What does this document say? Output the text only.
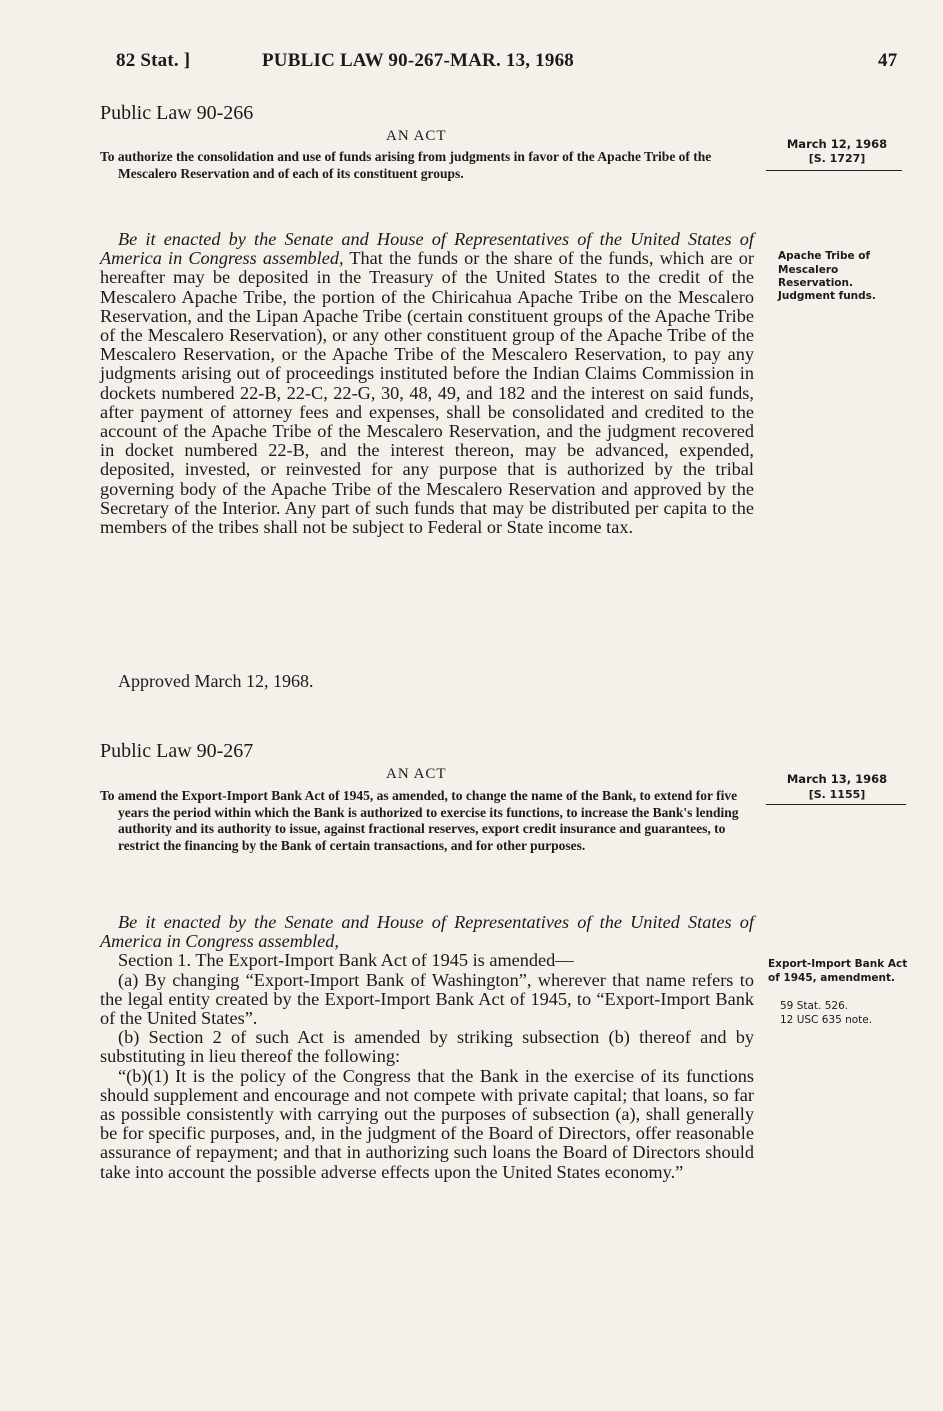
82 Stat. ]	PUBLIC LAW 90-267-MAR. 13, 1968	47
Public Law 90-266
AN ACT
To authorize the consolidation and use of funds arising from judgments in favor of the Apache Tribe of the Mescalero Reservation and of each of its constituent groups.

Be it enacted by the Senate and House of Representatives of the United States of America in Congress assembled, That the funds or the share of the funds, which are or hereafter may be deposited in the Treasury of the United States to the credit of the Mescalero Apache Tribe, the portion of the Chiricahua Apache Tribe on the Mescalero Reservation, and the Lipan Apache Tribe (certain constituent groups of the Apache Tribe of the Mescalero Reservation), or any other constituent group of the Apache Tribe of the Mescalero Reservation, or the Apache Tribe of the Mescalero Reservation, to pay any judgments arising out of proceedings instituted before the Indian Claims Commission in dockets numbered 22-B, 22-C, 22-G, 30, 48, 49, and 182 and the interest on said funds, after payment of attorney fees and expenses, shall be consolidated and credited to the account of the Apache Tribe of the Mescalero Reservation, and the judgment recovered in docket numbered 22-B, and the interest thereon, may be advanced, expended, deposited, invested, or reinvested for any purpose that is authorized by the tribal governing body of the Apache Tribe of the Mescalero Reservation and approved by the Secretary of the Interior. Any part of such funds that may be distributed per capita to the members of the tribes shall not be subject to Federal or State income tax.

Approved March 12, 1968.
March 12, 1968
[S. 1727]
Apache Tribe of Mescalero Reservation.
Judgment funds.
Public Law 90-267
AN ACT
To amend the Export-Import Bank Act of 1945, as amended, to change the name of the Bank, to extend for five years the period within which the Bank is authorized to exercise its functions, to increase the Bank's lending authority and its authority to issue, against fractional reserves, export credit insurance and guarantees, to restrict the financing by the Bank of certain transactions, and for other purposes.

Be it enacted by the Senate and House of Representatives of the United States of America in Congress assembled,

Section 1. The Export-Import Bank Act of 1945 is amended—

(a) By changing “Export-Import Bank of Washington”, wherever that name refers to the legal entity created by the Export-Import Bank Act of 1945, to “Export-Import Bank of the United States”.

(b) Section 2 of such Act is amended by striking subsection (b) thereof and by substituting in lieu thereof the following:

“(b)(1) It is the policy of the Congress that the Bank in the exercise of its functions should supplement and encourage and not compete with private capital; that loans, so far as possible consistently with carrying out the purposes of subsection (a), shall generally be for specific purposes, and, in the judgment of the Board of Directors, offer reasonable assurance of repayment; and that in authorizing such loans the Board of Directors should take into account the possible adverse effects upon the United States economy.”

March 13, 1968
[S. 1155]
Export-Import Bank Act of 1945, amendment.
59 Stat. 526.
12 USC 635 note.
